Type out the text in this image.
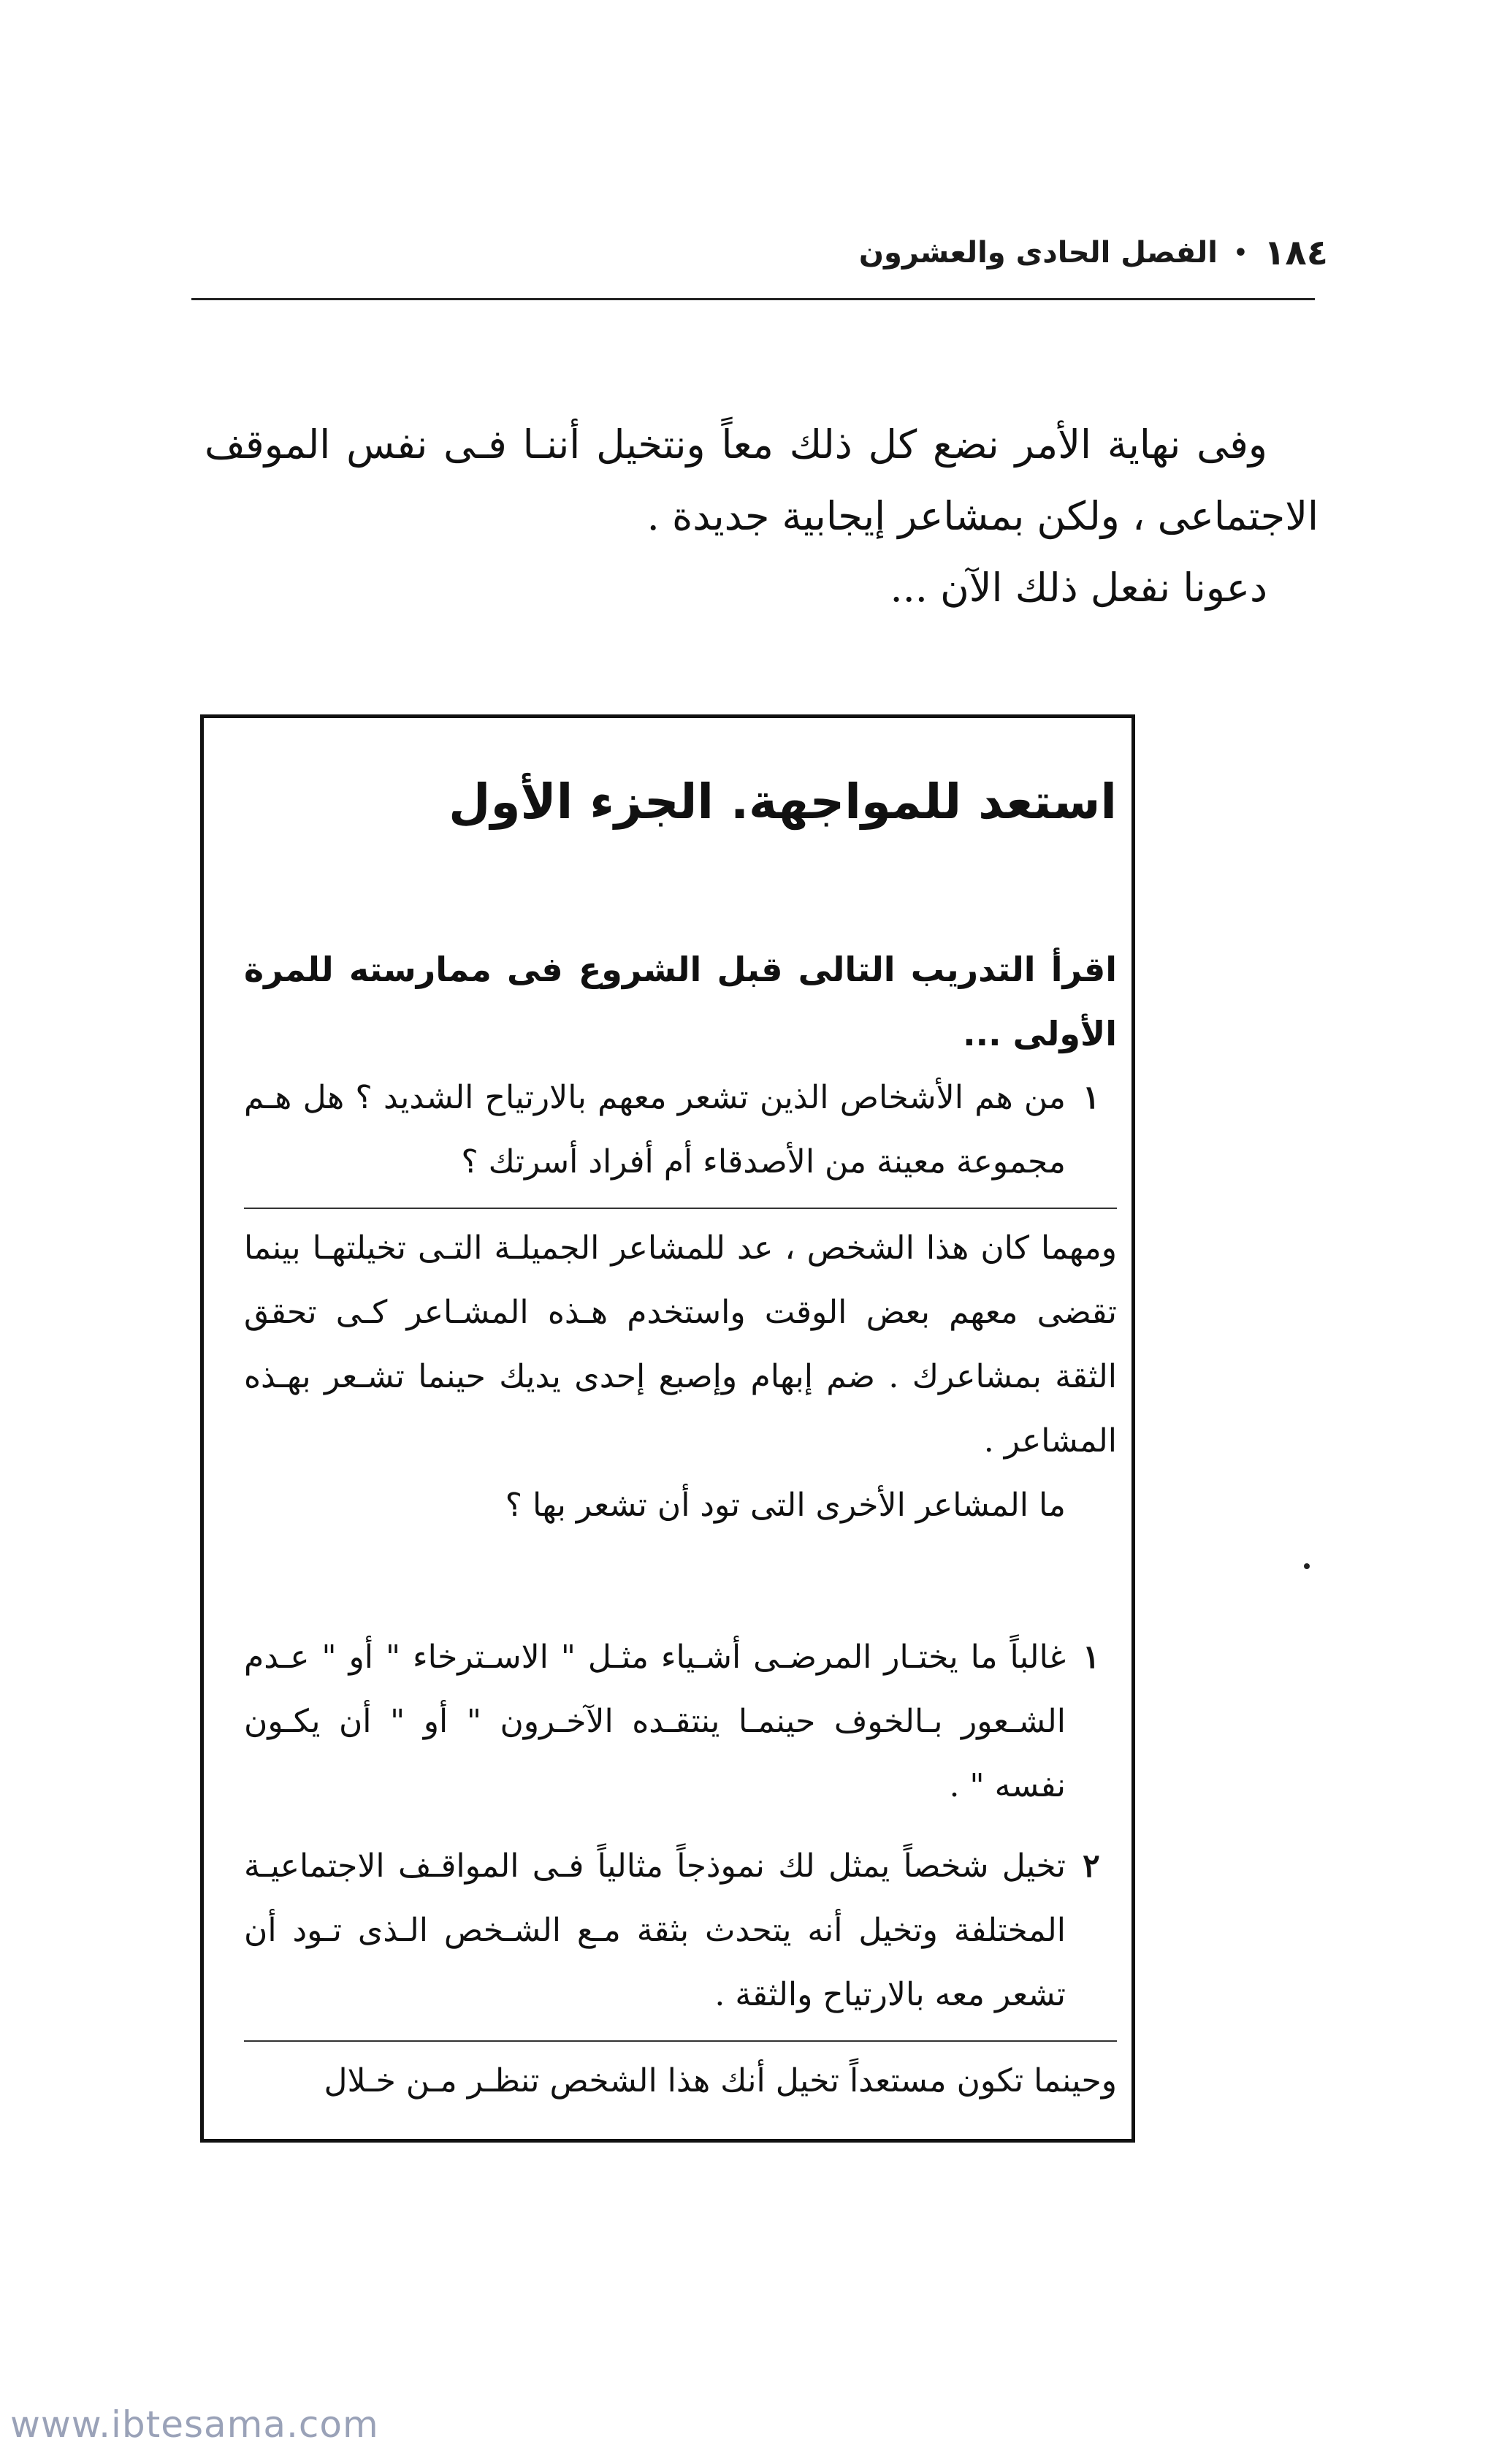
١٨٤
•
الفصل الحادى والعشرون

وفى نهاية الأمر نضع كل ذلك معاً ونتخيل أننـا فـى نفس الموقف الاجتماعى ، ولكن بمشاعر إيجابية جديدة .

دعونا نفعل ذلك الآن ...

استعد للمواجهة. الجزء الأول

اقرأ التدريب التالى قبل الشروع فى ممارسته للمرة الأولى ...

١
من هم الأشخاص الذين تشعر معهم بالارتياح الشديد ؟ هل هـم مجموعة معينة من الأصدقاء أم أفراد أسرتك ؟

ومهما كان هذا الشخص ، عد للمشاعر الجميلـة التـى تخيلتهـا بينما تقضى معهم بعض الوقت واستخدم هـذه المشـاعر كـى تحقق الثقة بمشاعرك . ضم إبهام وإصبع إحدى يديك حينما تشـعر بهـذه المشاعر .

ما المشاعر الأخرى التى تود أن تشعر بها ؟

١
غالباً ما يختـار المرضـى أشـياء مثـل " الاسـترخاء " أو " عـدم الشـعور بـالخوف حينمـا ينتقـده الآخـرون " أو " أن يكـون نفسه " .
٢
تخيل شخصاً يمثل لك نموذجاً مثالياً فـى المواقـف الاجتماعيـة المختلفة وتخيل أنه يتحدث بثقة مـع الشـخص الـذى تـود أن تشعر معه بالارتياح والثقة .

وحينما تكون مستعداً تخيل أنك هذا الشخص تنظـر مـن خـلال

www.ibtesama.com
